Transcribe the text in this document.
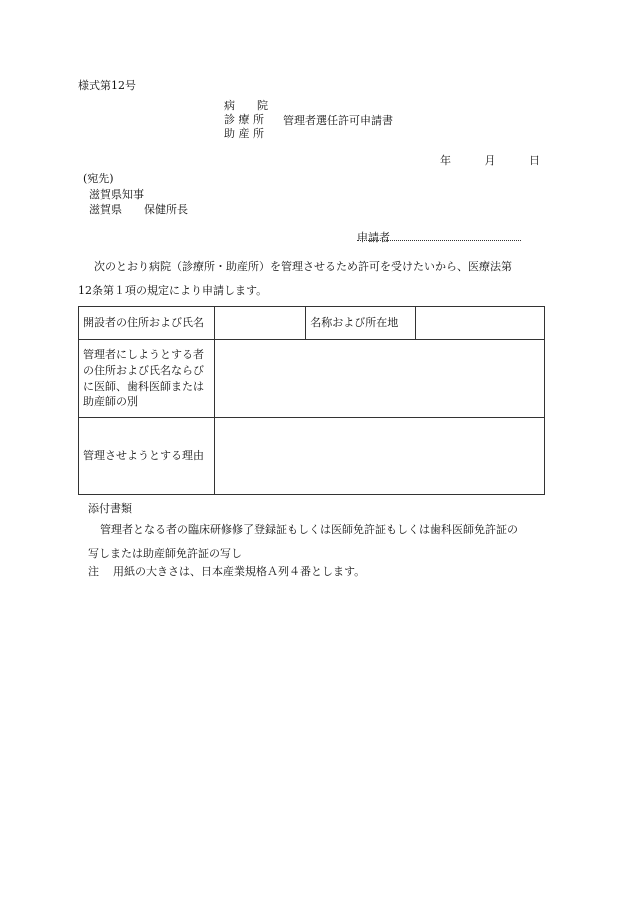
様式第12号
病　　院
診 療 所
助 産 所
管理者選任許可申請書
年	月	日
(宛先)
滋賀県知事
滋賀県 保健所長
申請者
次のとおり病院（診療所・助産所）を管理させるため許可を受けたいから、医療法第
12条第１項の規定により申請します。
開設者の住所および氏名		名称および所在地	
管理者にしようとする者の住所および氏名ならびに医師、歯科医師または助産師の別			
管理させようとする理由			
添付書類
管理者となる者の臨床研修修了登録証もしくは医師免許証もしくは歯科医師免許証の
写しまたは助産師免許証の写し
注 用紙の大きさは、日本産業規格Ａ列４番とします。
